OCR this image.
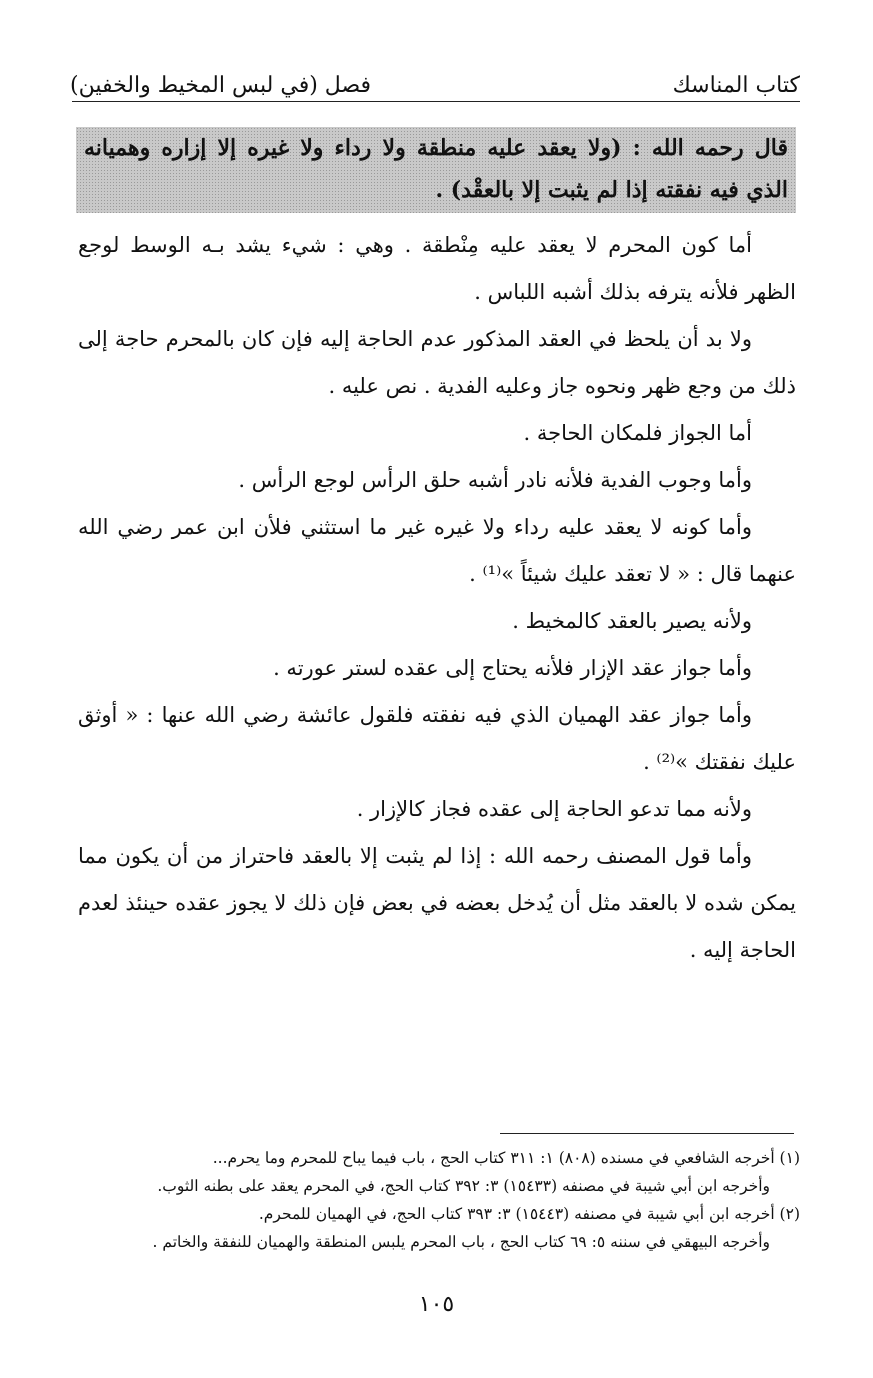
كتاب المناسك
فصل (في لبس المخيط والخفين)
قال رحمه الله : (ولا يعقد عليه منطقة ولا رداء ولا غيره إلا إزاره وهميانه الذي فيه نفقته إذا لم يثبت إلا بالعقْد) .

أما كون المحرم لا يعقد عليه مِنْطقة . وهي : شيء يشد بـه الوسط لوجع الظهر فلأنه يترفه بذلك أشبه اللباس .

ولا بد أن يلحظ في العقد المذكور عدم الحاجة إليه فإن كان بالمحرم حاجة إلى ذلك من وجع ظهر ونحوه جاز وعليه الفدية . نص عليه .

أما الجواز فلمكان الحاجة .

وأما وجوب الفدية فلأنه نادر أشبه حلق الرأس لوجع الرأس .

وأما كونه لا يعقد عليه رداء ولا غيره غير ما استثني فلأن ابن عمر رضي الله عنهما قال : « لا تعقد عليك شيئاً »⁽¹⁾ .

ولأنه يصير بالعقد كالمخيط .

وأما جواز عقد الإزار فلأنه يحتاج إلى عقده لستر عورته .

وأما جواز عقد الهميان الذي فيه نفقته فلقول عائشة رضي الله عنها : « أوثق عليك نفقتك »⁽²⁾ .

ولأنه مما تدعو الحاجة إلى عقده فجاز كالإزار .

وأما قول المصنف رحمه الله : إذا لم يثبت إلا بالعقد فاحتراز من أن يكون مما يمكن شده لا بالعقد مثل أن يُدخل بعضه في بعض فإن ذلك لا يجوز عقده حينئذ لعدم الحاجة إليه .

(١) أخرجه الشافعي في مسنده (٨٠٨) ١: ٣١١ كتاب الحج ، باب فيما يباح للمحرم وما يحرم...

وأخرجه ابن أبي شيبة في مصنفه (١٥٤٣٣) ٣: ٣٩٢ كتاب الحج، في المحرم يعقد على بطنه الثوب.

(٢) أخرجه ابن أبي شيبة في مصنفه (١٥٤٤٣) ٣: ٣٩٣ كتاب الحج، في الهميان للمحرم.

وأخرجه البيهقي في سننه ٥: ٦٩ كتاب الحج ، باب المحرم يلبس المنطقة والهميان للنفقة والخاتم .

١٠٥
